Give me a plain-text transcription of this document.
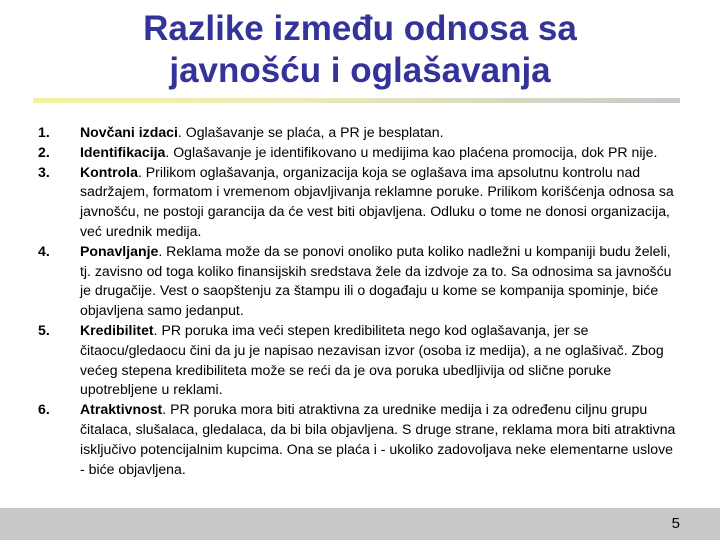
Razlike između odnosa sa
javnošću i oglašavanja
1. Novčani izdaci. Oglašavanje se plaća, a PR je besplatan.
2. Identifikacija. Oglašavanje je identifikovano u medijima kao plaćena promocija, dok PR nije.
3. Kontrola. Prilikom oglašavanja, organizacija koja se oglašava ima apsolutnu kontrolu nad sadržajem, formatom i vremenom objavljivanja reklamne poruke. Prilikom korišćenja odnosa sa javnošću, ne postoji garancija da će vest biti objavljena. Odluku o tome ne donosi organizacija, već urednik medija.
4. Ponavljanje. Reklama može da se ponovi onoliko puta koliko nadležni u kompaniji budu želeli, tj. zavisno od toga koliko finansijskih sredstava žele da izdvoje za to. Sa odnosima sa javnošću je drugačije. Vest o saopštenju za štampu ili o događaju u kome se kompanija spominje, biće objavljena samo jedanput.
5. Kredibilitet. PR poruka ima veći stepen kredibiliteta nego kod oglašavanja, jer se čitaocu/gledaocu čini da ju je napisao nezavisan izvor (osoba iz medija), a ne oglašivač. Zbog većeg stepena kredibiliteta može se reći da je ova poruka ubedljivija od slične poruke upotrebljene u reklami.
6. Atraktivnost. PR poruka mora biti atraktivna za urednike medija i za određenu ciljnu grupu čitalaca, slušalaca, gledalaca, da bi bila objavljena. S druge strane, reklama mora biti atraktivna isključivo potencijalnim kupcima. Ona se plaća i - ukoliko zadovoljava neke elementarne uslove - biće objavljena.
5
